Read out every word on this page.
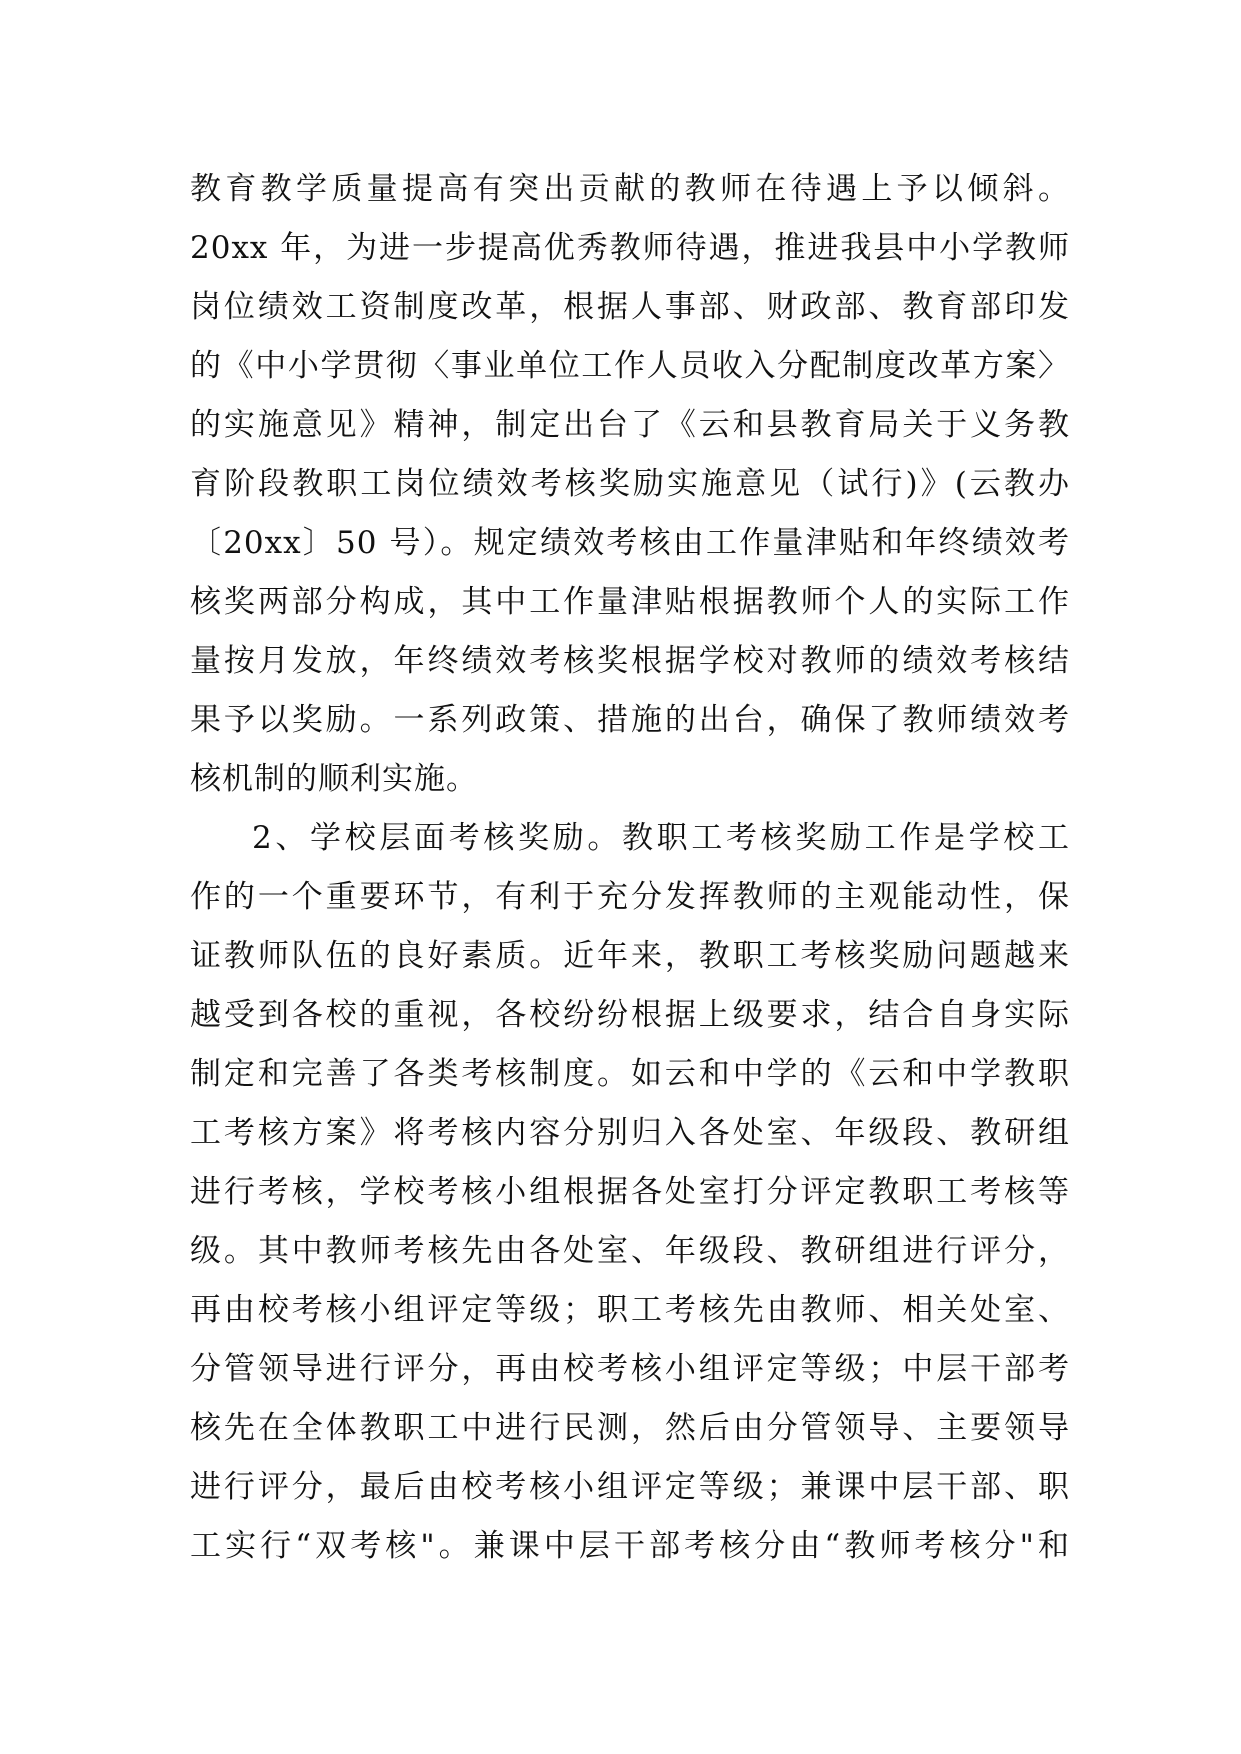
教育教学质量提高有突出贡献的教师在待遇上予以倾斜。
20xx 年，为进一步提高优秀教师待遇，推进我县中小学教师
岗位绩效工资制度改革，根据人事部、财政部、教育部印发
的《中小学贯彻〈事业单位工作人员收入分配制度改革方案〉
的实施意见》精神，制定出台了《云和县教育局关于义务教
育阶段教职工岗位绩效考核奖励实施意见（试行)》(云教办
〔20xx〕50 号）。规定绩效考核由工作量津贴和年终绩效考
核奖两部分构成，其中工作量津贴根据教师个人的实际工作
量按月发放，年终绩效考核奖根据学校对教师的绩效考核结
果予以奖励。一系列政策、措施的出台，确保了教师绩效考
核机制的顺利实施。
2、学校层面考核奖励。教职工考核奖励工作是学校工
作的一个重要环节，有利于充分发挥教师的主观能动性，保
证教师队伍的良好素质。近年来，教职工考核奖励问题越来
越受到各校的重视，各校纷纷根据上级要求，结合自身实际
制定和完善了各类考核制度。如云和中学的《云和中学教职
工考核方案》将考核内容分别归入各处室、年级段、教研组
进行考核，学校考核小组根据各处室打分评定教职工考核等
级。其中教师考核先由各处室、年级段、教研组进行评分，
再由校考核小组评定等级；职工考核先由教师、相关处室、
分管领导进行评分，再由校考核小组评定等级；中层干部考
核先在全体教职工中进行民测，然后由分管领导、主要领导
进行评分，最后由校考核小组评定等级；兼课中层干部、职
工实行“双考核"。兼课中层干部考核分由“教师考核分"和
